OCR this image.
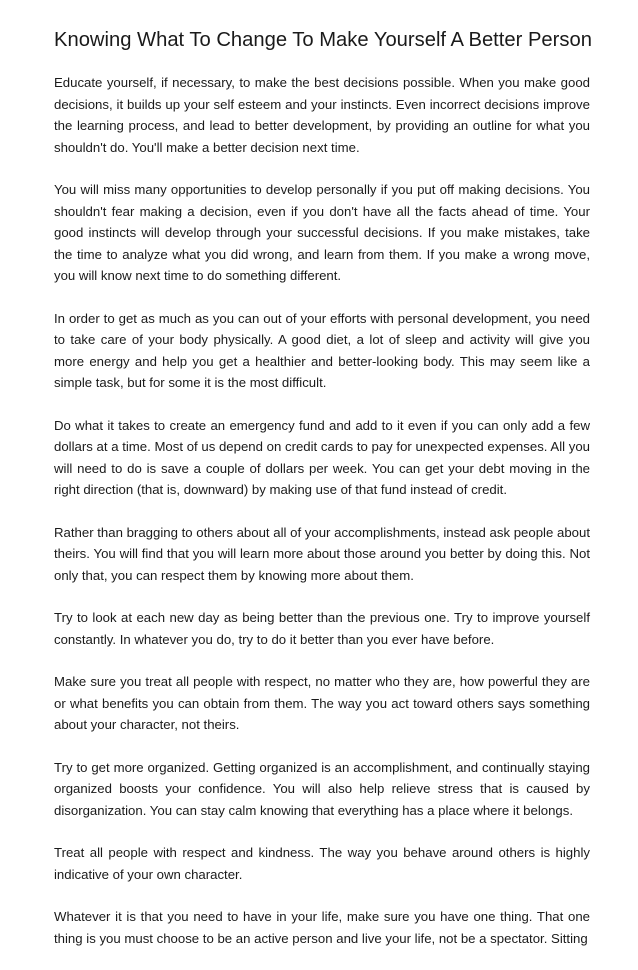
Knowing What To Change To Make Yourself A Better Person

Educate yourself, if necessary, to make the best decisions possible. When you make good decisions, it builds up your self esteem and your instincts. Even incorrect decisions improve the learning process, and lead to better development, by providing an outline for what you shouldn't do. You'll make a better decision next time.

You will miss many opportunities to develop personally if you put off making decisions. You shouldn't fear making a decision, even if you don't have all the facts ahead of time. Your good instincts will develop through your successful decisions. If you make mistakes, take the time to analyze what you did wrong, and learn from them. If you make a wrong move, you will know next time to do something different.

In order to get as much as you can out of your efforts with personal development, you need to take care of your body physically. A good diet, a lot of sleep and activity will give you more energy and help you get a healthier and better-looking body. This may seem like a simple task, but for some it is the most difficult.

Do what it takes to create an emergency fund and add to it even if you can only add a few dollars at a time. Most of us depend on credit cards to pay for unexpected expenses. All you will need to do is save a couple of dollars per week. You can get your debt moving in the right direction (that is, downward) by making use of that fund instead of credit.

Rather than bragging to others about all of your accomplishments, instead ask people about theirs. You will find that you will learn more about those around you better by doing this. Not only that, you can respect them by knowing more about them.

Try to look at each new day as being better than the previous one. Try to improve yourself constantly. In whatever you do, try to do it better than you ever have before.

Make sure you treat all people with respect, no matter who they are, how powerful they are or what benefits you can obtain from them. The way you act toward others says something about your character, not theirs.

Try to get more organized. Getting organized is an accomplishment, and continually staying organized boosts your confidence. You will also help relieve stress that is caused by disorganization. You can stay calm knowing that everything has a place where it belongs.

Treat all people with respect and kindness. The way you behave around others is highly indicative of your own character.

Whatever it is that you need to have in your life, make sure you have one thing. That one thing is you must choose to be an active person and live your life, not be a spectator. Sitting
